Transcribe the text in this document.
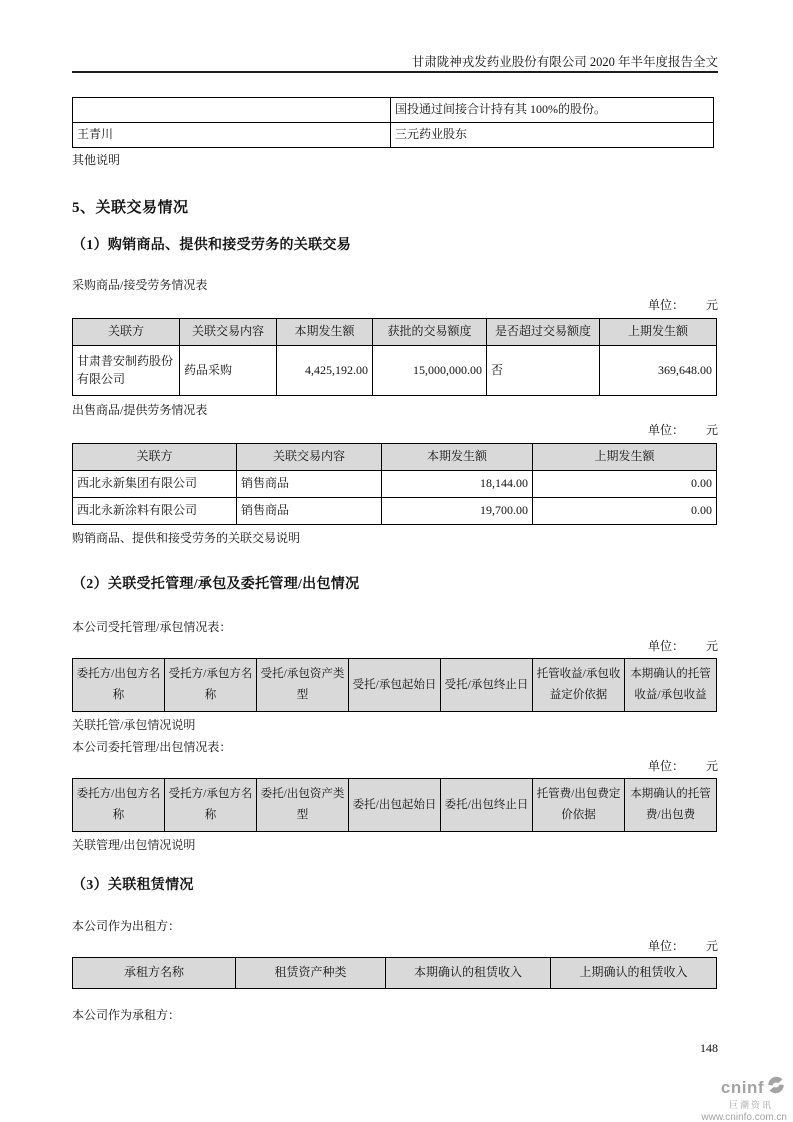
甘肃陇神戎发药业股份有限公司 2020 年半年度报告全文
	国投通过间接合计持有其 100%的股份。
王青川	三元药业股东
其他说明
5、关联交易情况
（1）购销商品、提供和接受劳务的关联交易
采购商品/接受劳务情况表
单位： 元
关联方	关联交易内容	本期发生额	获批的交易额度	是否超过交易额度	上期发生额
甘肃普安制药股份有限公司	药品采购	4,425,192.00	15,000,000.00	否	369,648.00
出售商品/提供劳务情况表
单位： 元
关联方	关联交易内容	本期发生额	上期发生额
西北永新集团有限公司	销售商品	18,144.00	0.00
西北永新涂料有限公司	销售商品	19,700.00	0.00
购销商品、提供和接受劳务的关联交易说明
（2）关联受托管理/承包及委托管理/出包情况
本公司受托管理/承包情况表：
单位： 元
委托方/出包方名称	受托方/承包方名称	受托/承包资产类型	受托/承包起始日	受托/承包终止日	托管收益/承包收益定价依据	本期确认的托管收益/承包收益
关联托管/承包情况说明
本公司委托管理/出包情况表：
单位： 元
委托方/出包方名称	受托方/承包方名称	委托/出包资产类型	委托/出包起始日	委托/出包终止日	托管费/出包费定价依据	本期确认的托管费/出包费
关联管理/出包情况说明
（3）关联租赁情况
本公司作为出租方：
单位： 元
承租方名称	租赁资产种类	本期确认的租赁收入	上期确认的租赁收入
本公司作为承租方：
148
cninf
巨潮资讯
www.cninfo.com.cn
